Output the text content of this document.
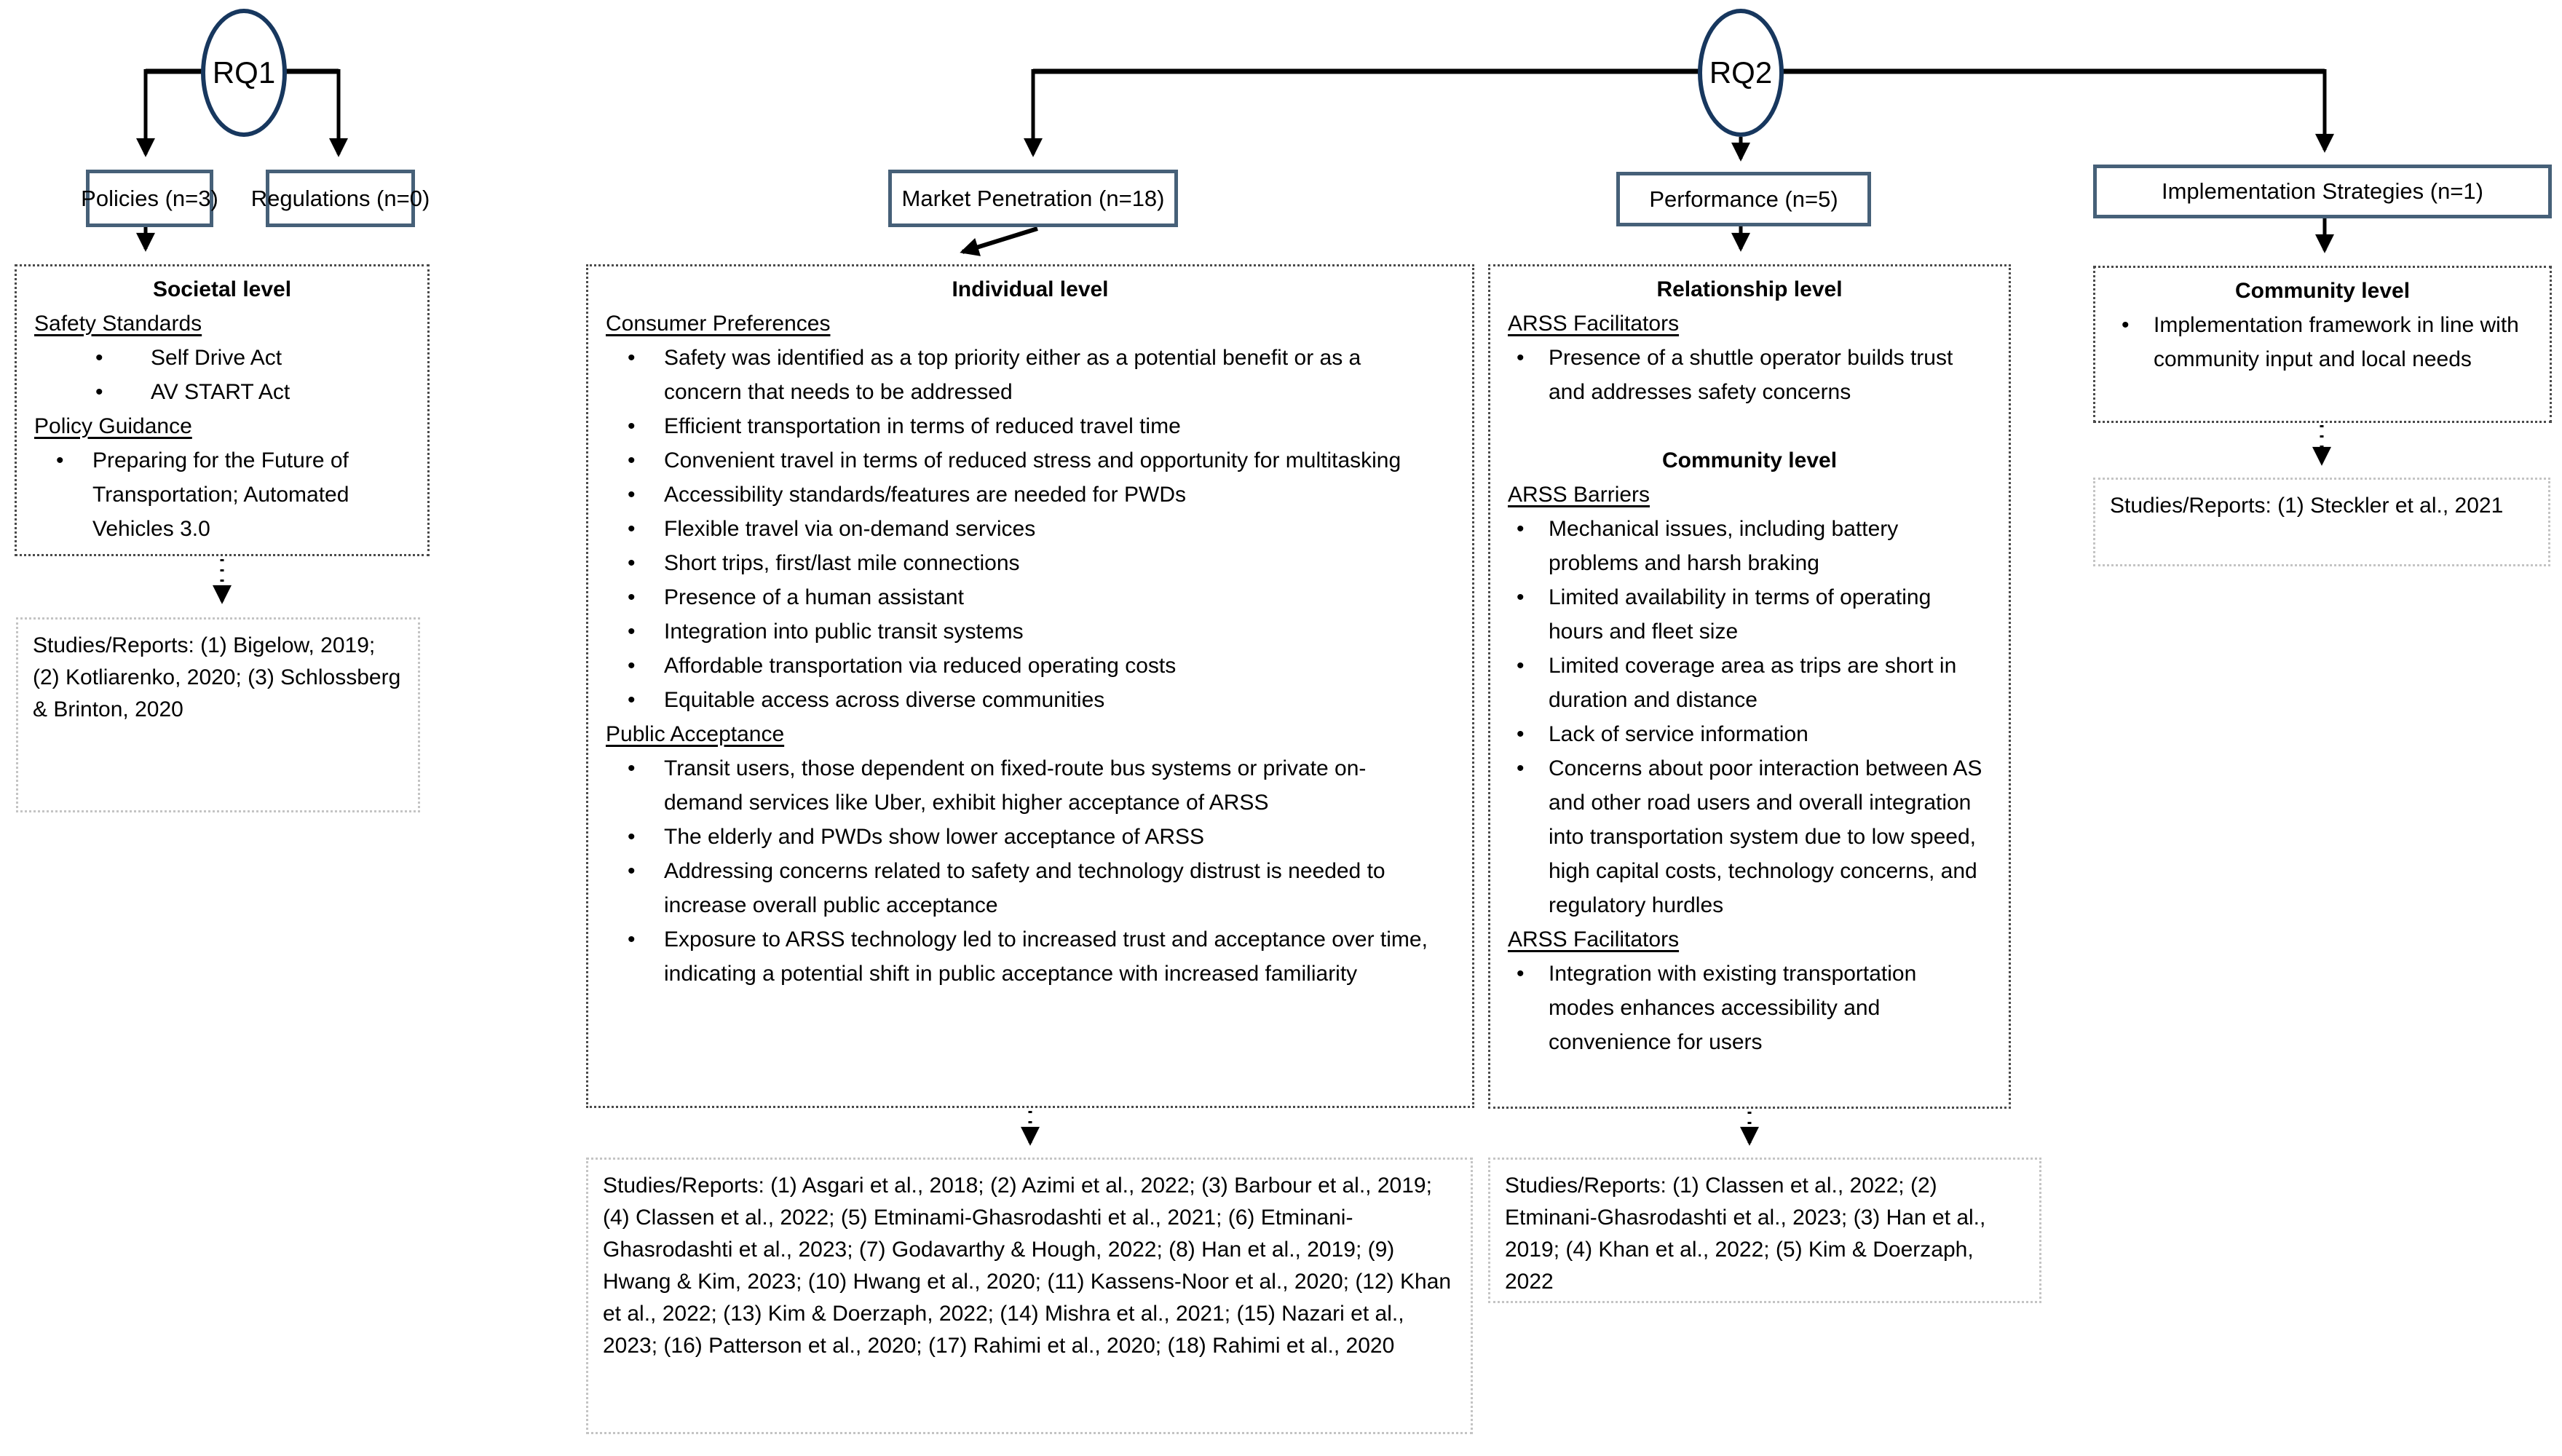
RQ1	RQ2
Policies (n=3) Regulations (n=0)	Market Penetration (n=18)	Performance (n=5)	Implementation Strategies (n=1)
Societal level
Safety Standards
• Self Drive Act
• AV START Act
Policy Guidance
• Preparing for the Future of Transportation; Automated Vehicles 3.0
Individual level
Consumer Preferences
• Safety was identified as a top priority either as a potential benefit or as a concern that needs to be addressed
• Efficient transportation in terms of reduced travel time
• Convenient travel in terms of reduced stress and opportunity for multitasking
• Accessibility standards/features are needed for PWDs
• Flexible travel via on-demand services
• Short trips, first/last mile connections
• Presence of a human assistant
• Integration into public transit systems
• Affordable transportation via reduced operating costs
• Equitable access across diverse communities
Public Acceptance
• Transit users, those dependent on fixed-route bus systems or private on-demand services like Uber, exhibit higher acceptance of ARSS
• The elderly and PWDs show lower acceptance of ARSS
• Addressing concerns related to safety and technology distrust is needed to increase overall public acceptance
• Exposure to ARSS technology led to increased trust and acceptance over time, indicating a potential shift in public acceptance with increased familiarity
Relationship level
ARSS Facilitators
• Presence of a shuttle operator builds trust and addresses safety concerns
Community level
ARSS Barriers
• Mechanical issues, including battery problems and harsh braking
• Limited availability in terms of operating hours and fleet size
• Limited coverage area as trips are short in duration and distance
• Lack of service information
• Concerns about poor interaction between AS and other road users and overall integration into transportation system due to low speed, high capital costs, technology concerns, and regulatory hurdles
ARSS Facilitators
• Integration with existing transportation modes enhances accessibility and convenience for users
Community level
• Implementation framework in line with community input and local needs
Studies/Reports: (1) Bigelow, 2019; (2) Kotliarenko, 2020; (3) Schlossberg & Brinton, 2020
Studies/Reports: (1) Asgari et al., 2018; (2) Azimi et al., 2022; (3) Barbour et al., 2019; (4) Classen et al., 2022; (5) Etminami-Ghasrodashti et al., 2021; (6) Etminani-Ghasrodashti et al., 2023; (7) Godavarthy & Hough, 2022; (8) Han et al., 2019; (9) Hwang & Kim, 2023; (10) Hwang et al., 2020; (11) Kassens-Noor et al., 2020; (12) Khan et al., 2022; (13) Kim & Doerzaph, 2022; (14) Mishra et al., 2021; (15) Nazari et al., 2023; (16) Patterson et al., 2020; (17) Rahimi et al., 2020; (18) Rahimi et al., 2020
Studies/Reports: (1) Classen et al., 2022; (2) Etminani-Ghasrodashti et al., 2023; (3) Han et al., 2019; (4) Khan et al., 2022; (5) Kim & Doerzaph, 2022
Studies/Reports: (1) Steckler et al., 2021
